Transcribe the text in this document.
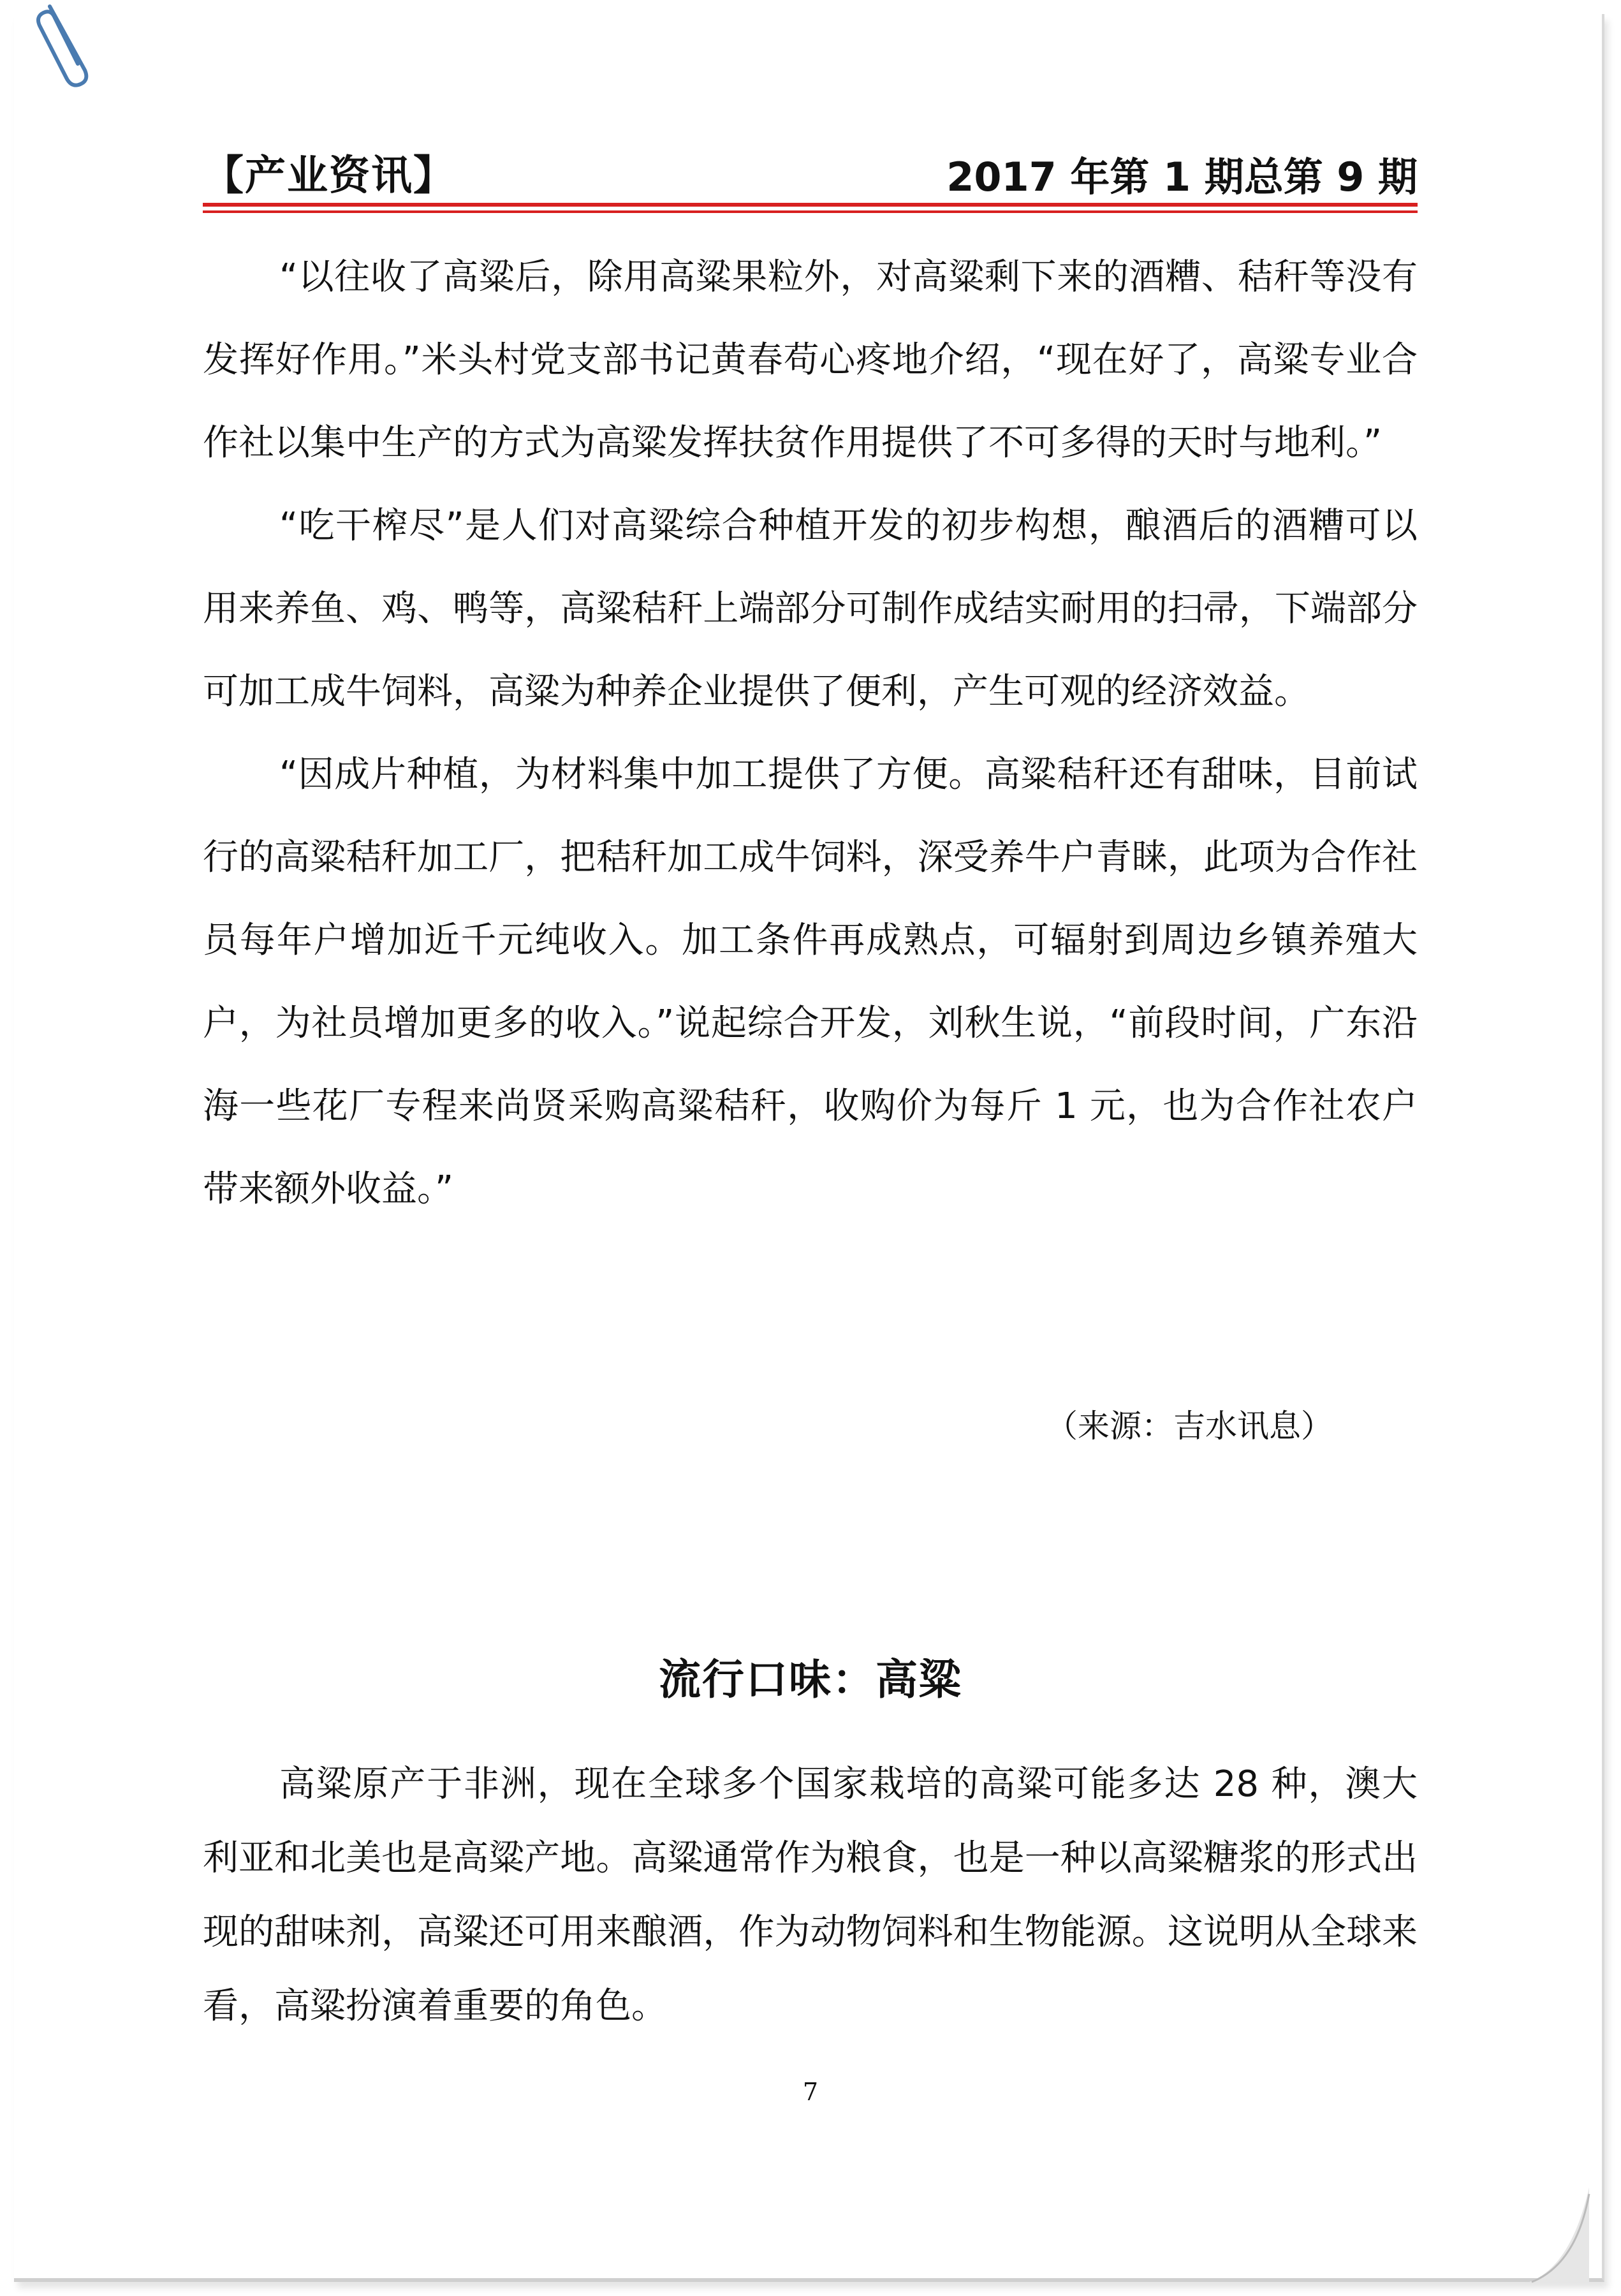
【产业资讯】	2017 年第 1 期总第 9 期

“以往收了高粱后，除用高粱果粒外，对高粱剩下来的酒糟、秸秆等没有发挥好作用。”米头村党支部书记黄春苟心疼地介绍，“现在好了，高粱专业合作社以集中生产的方式为高粱发挥扶贫作用提供了不可多得的天时与地利。”

“吃干榨尽”是人们对高粱综合种植开发的初步构想，酿酒后的酒糟可以用来养鱼、鸡、鸭等，高粱秸秆上端部分可制作成结实耐用的扫帚，下端部分可加工成牛饲料，高粱为种养企业提供了便利，产生可观的经济效益。

“因成片种植，为材料集中加工提供了方便。高粱秸秆还有甜味，目前试行的高粱秸秆加工厂，把秸秆加工成牛饲料，深受养牛户青睐，此项为合作社员每年户增加近千元纯收入。加工条件再成熟点，可辐射到周边乡镇养殖大户，为社员增加更多的收入。”说起综合开发，刘秋生说，“前段时间，广东沿海一些花厂专程来尚贤采购高粱秸秆，收购价为每斤 1 元，也为合作社农户带来额外收益。”

（来源：吉水讯息）
流行口味：高粱

高粱原产于非洲，现在全球多个国家栽培的高粱可能多达 28 种，澳大利亚和北美也是高粱产地。高粱通常作为粮食，也是一种以高粱糖浆的形式出现的甜味剂，高粱还可用来酿酒，作为动物饲料和生物能源。这说明从全球来看，高粱扮演着重要的角色。

7
